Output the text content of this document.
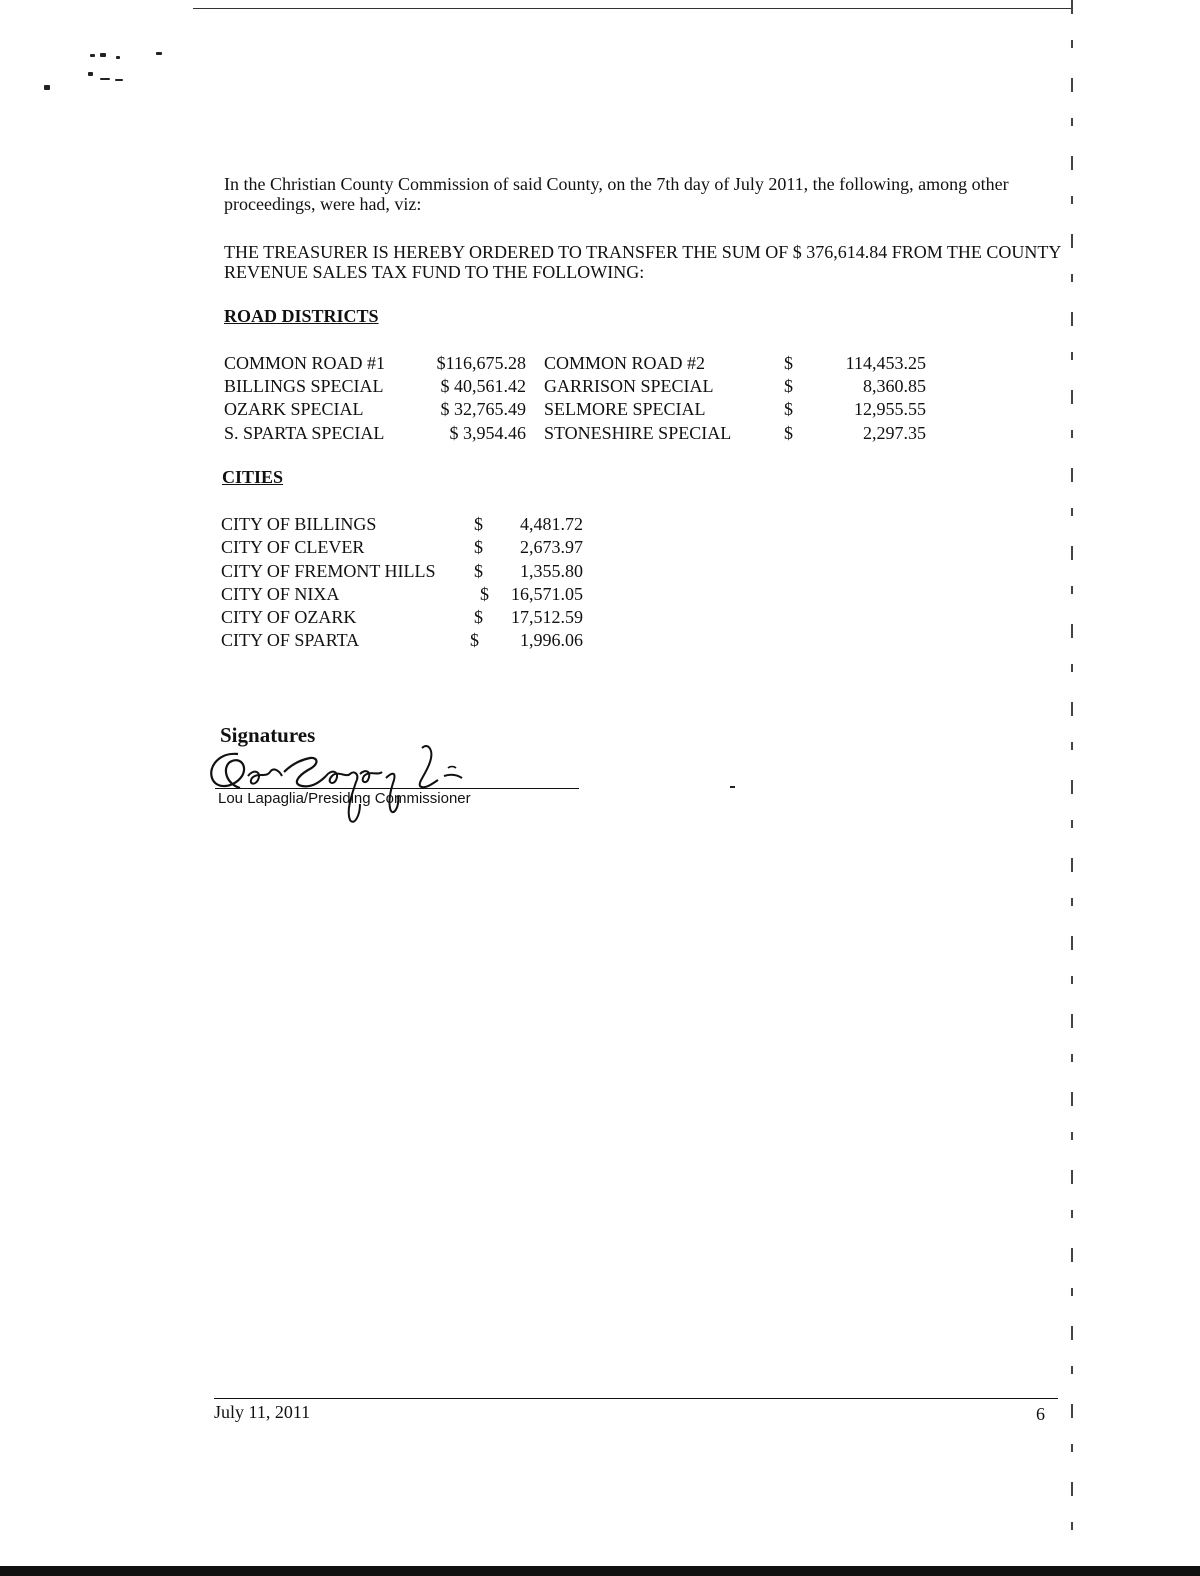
In the Christian County Commission of said County, on the 7th day of July 2011, the following, among other proceedings, were had, viz:

THE TREASURER IS HEREBY ORDERED TO TRANSFER THE SUM OF $ 376,614.84 FROM THE COUNTY REVENUE SALES TAX FUND TO THE FOLLOWING:

ROAD DISTRICTS
COMMON ROAD #1	$116,675.28 COMMON ROAD #2	$	114,453.25
BILLINGS SPECIAL	$ 40,561.42 GARRISON SPECIAL	$	8,360.85
OZARK SPECIAL	$ 32,765.49 SELMORE SPECIAL	$	12,955.55
S. SPARTA SPECIAL	$ 3,954.46 STONESHIRE SPECIAL	$	2,297.35
CITIES
CITY OF BILLINGS	$	4,481.72
CITY OF CLEVER	$	2,673.97
CITY OF FREMONT HILLS $	1,355.80
CITY OF NIXA	$	16,571.05
CITY OF OZARK	$	17,512.59
CITY OF SPARTA	$	1,996.06
Signatures
Lou Lapaglia/Presiding Commissioner
July 11, 2011	6
